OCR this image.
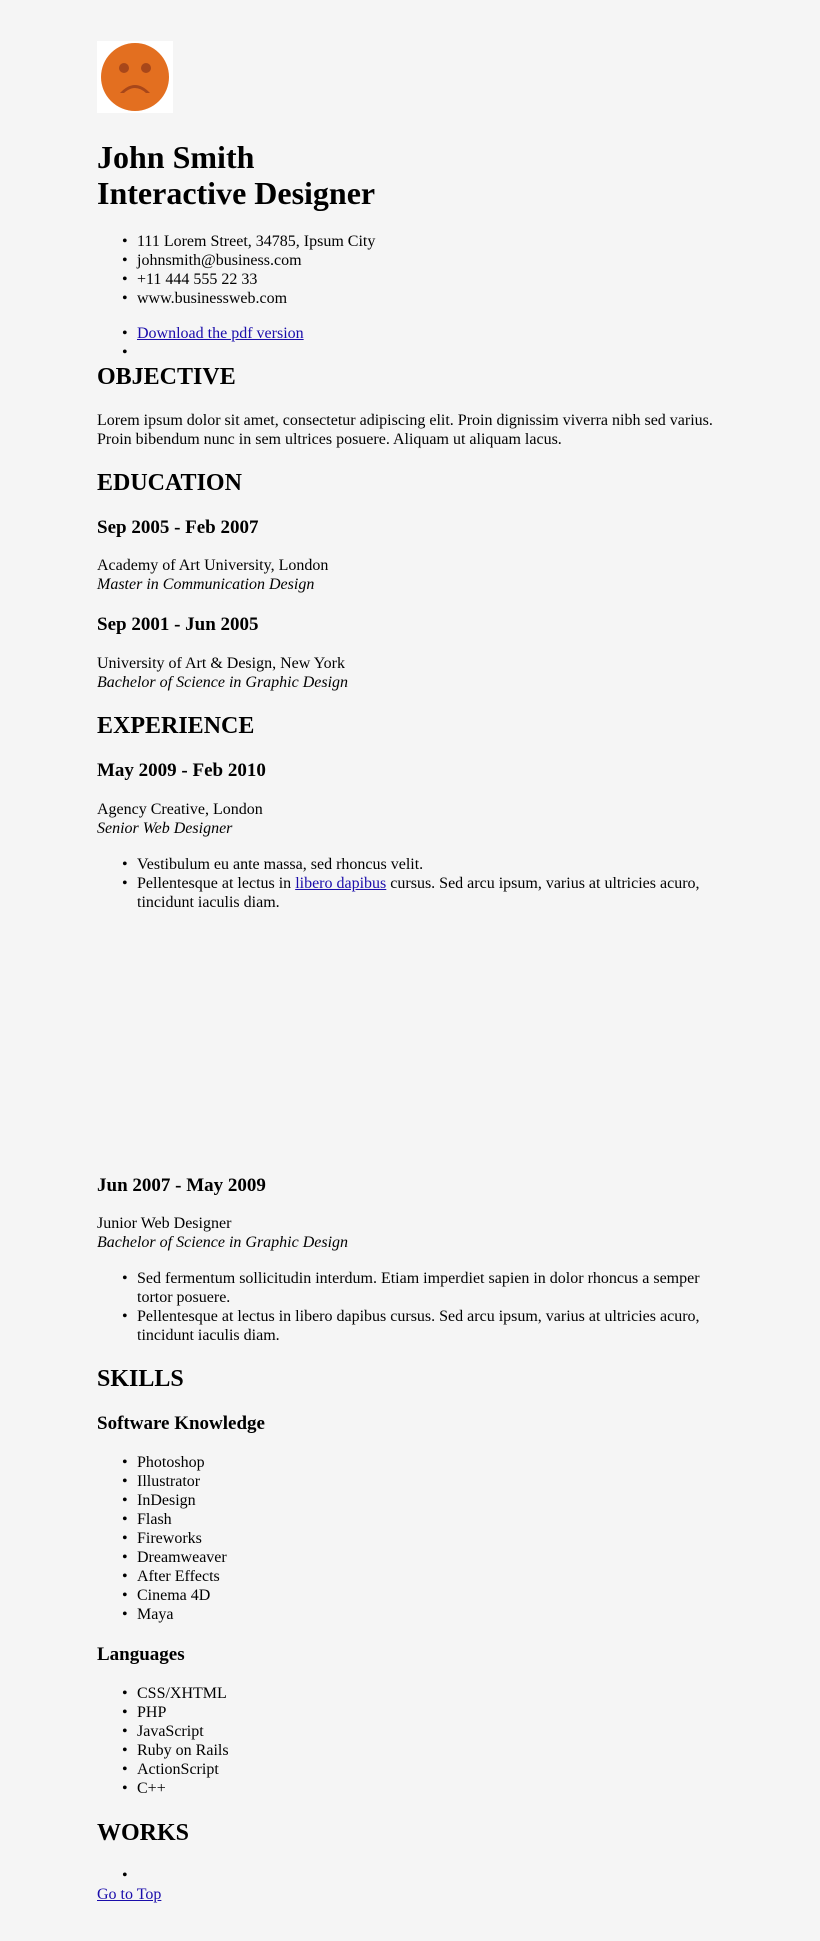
John Smith
Interactive Designer
• 111 Lorem Street, 34785, Ipsum City
• johnsmith@business.com
• +11 444 555 22 33
• www.businessweb.com
• Download the pdf version
•
OBJECTIVE

Lorem ipsum dolor sit amet, consectetur adipiscing elit. Proin dignissim viverra nibh sed varius. Proin bibendum nunc in sem ultrices posuere. Aliquam ut aliquam lacus.

EDUCATION
Sep 2005 - Feb 2007

Academy of Art University, London

Master in Communication Design

Sep 2001 - Jun 2005

University of Art & Design, New York

Bachelor of Science in Graphic Design

EXPERIENCE
May 2009 - Feb 2010

Agency Creative, London

Senior Web Designer

• Vestibulum eu ante massa, sed rhoncus velit.
• Pellentesque at lectus in libero dapibus cursus. Sed arcu ipsum, varius at ultricies acuro, tincidunt iaculis diam.
Jun 2007 - May 2009

Junior Web Designer

Bachelor of Science in Graphic Design

• Sed fermentum sollicitudin interdum. Etiam imperdiet sapien in dolor rhoncus a semper tortor posuere.
• Pellentesque at lectus in libero dapibus cursus. Sed arcu ipsum, varius at ultricies acuro, tincidunt iaculis diam.
SKILLS
Software Knowledge
• Photoshop
• Illustrator
• InDesign
• Flash
• Fireworks
• Dreamweaver
• After Effects
• Cinema 4D
• Maya
Languages
• CSS/XHTML
• PHP
• JavaScript
• Ruby on Rails
• ActionScript
• C++
WORKS
•
Go to Top
